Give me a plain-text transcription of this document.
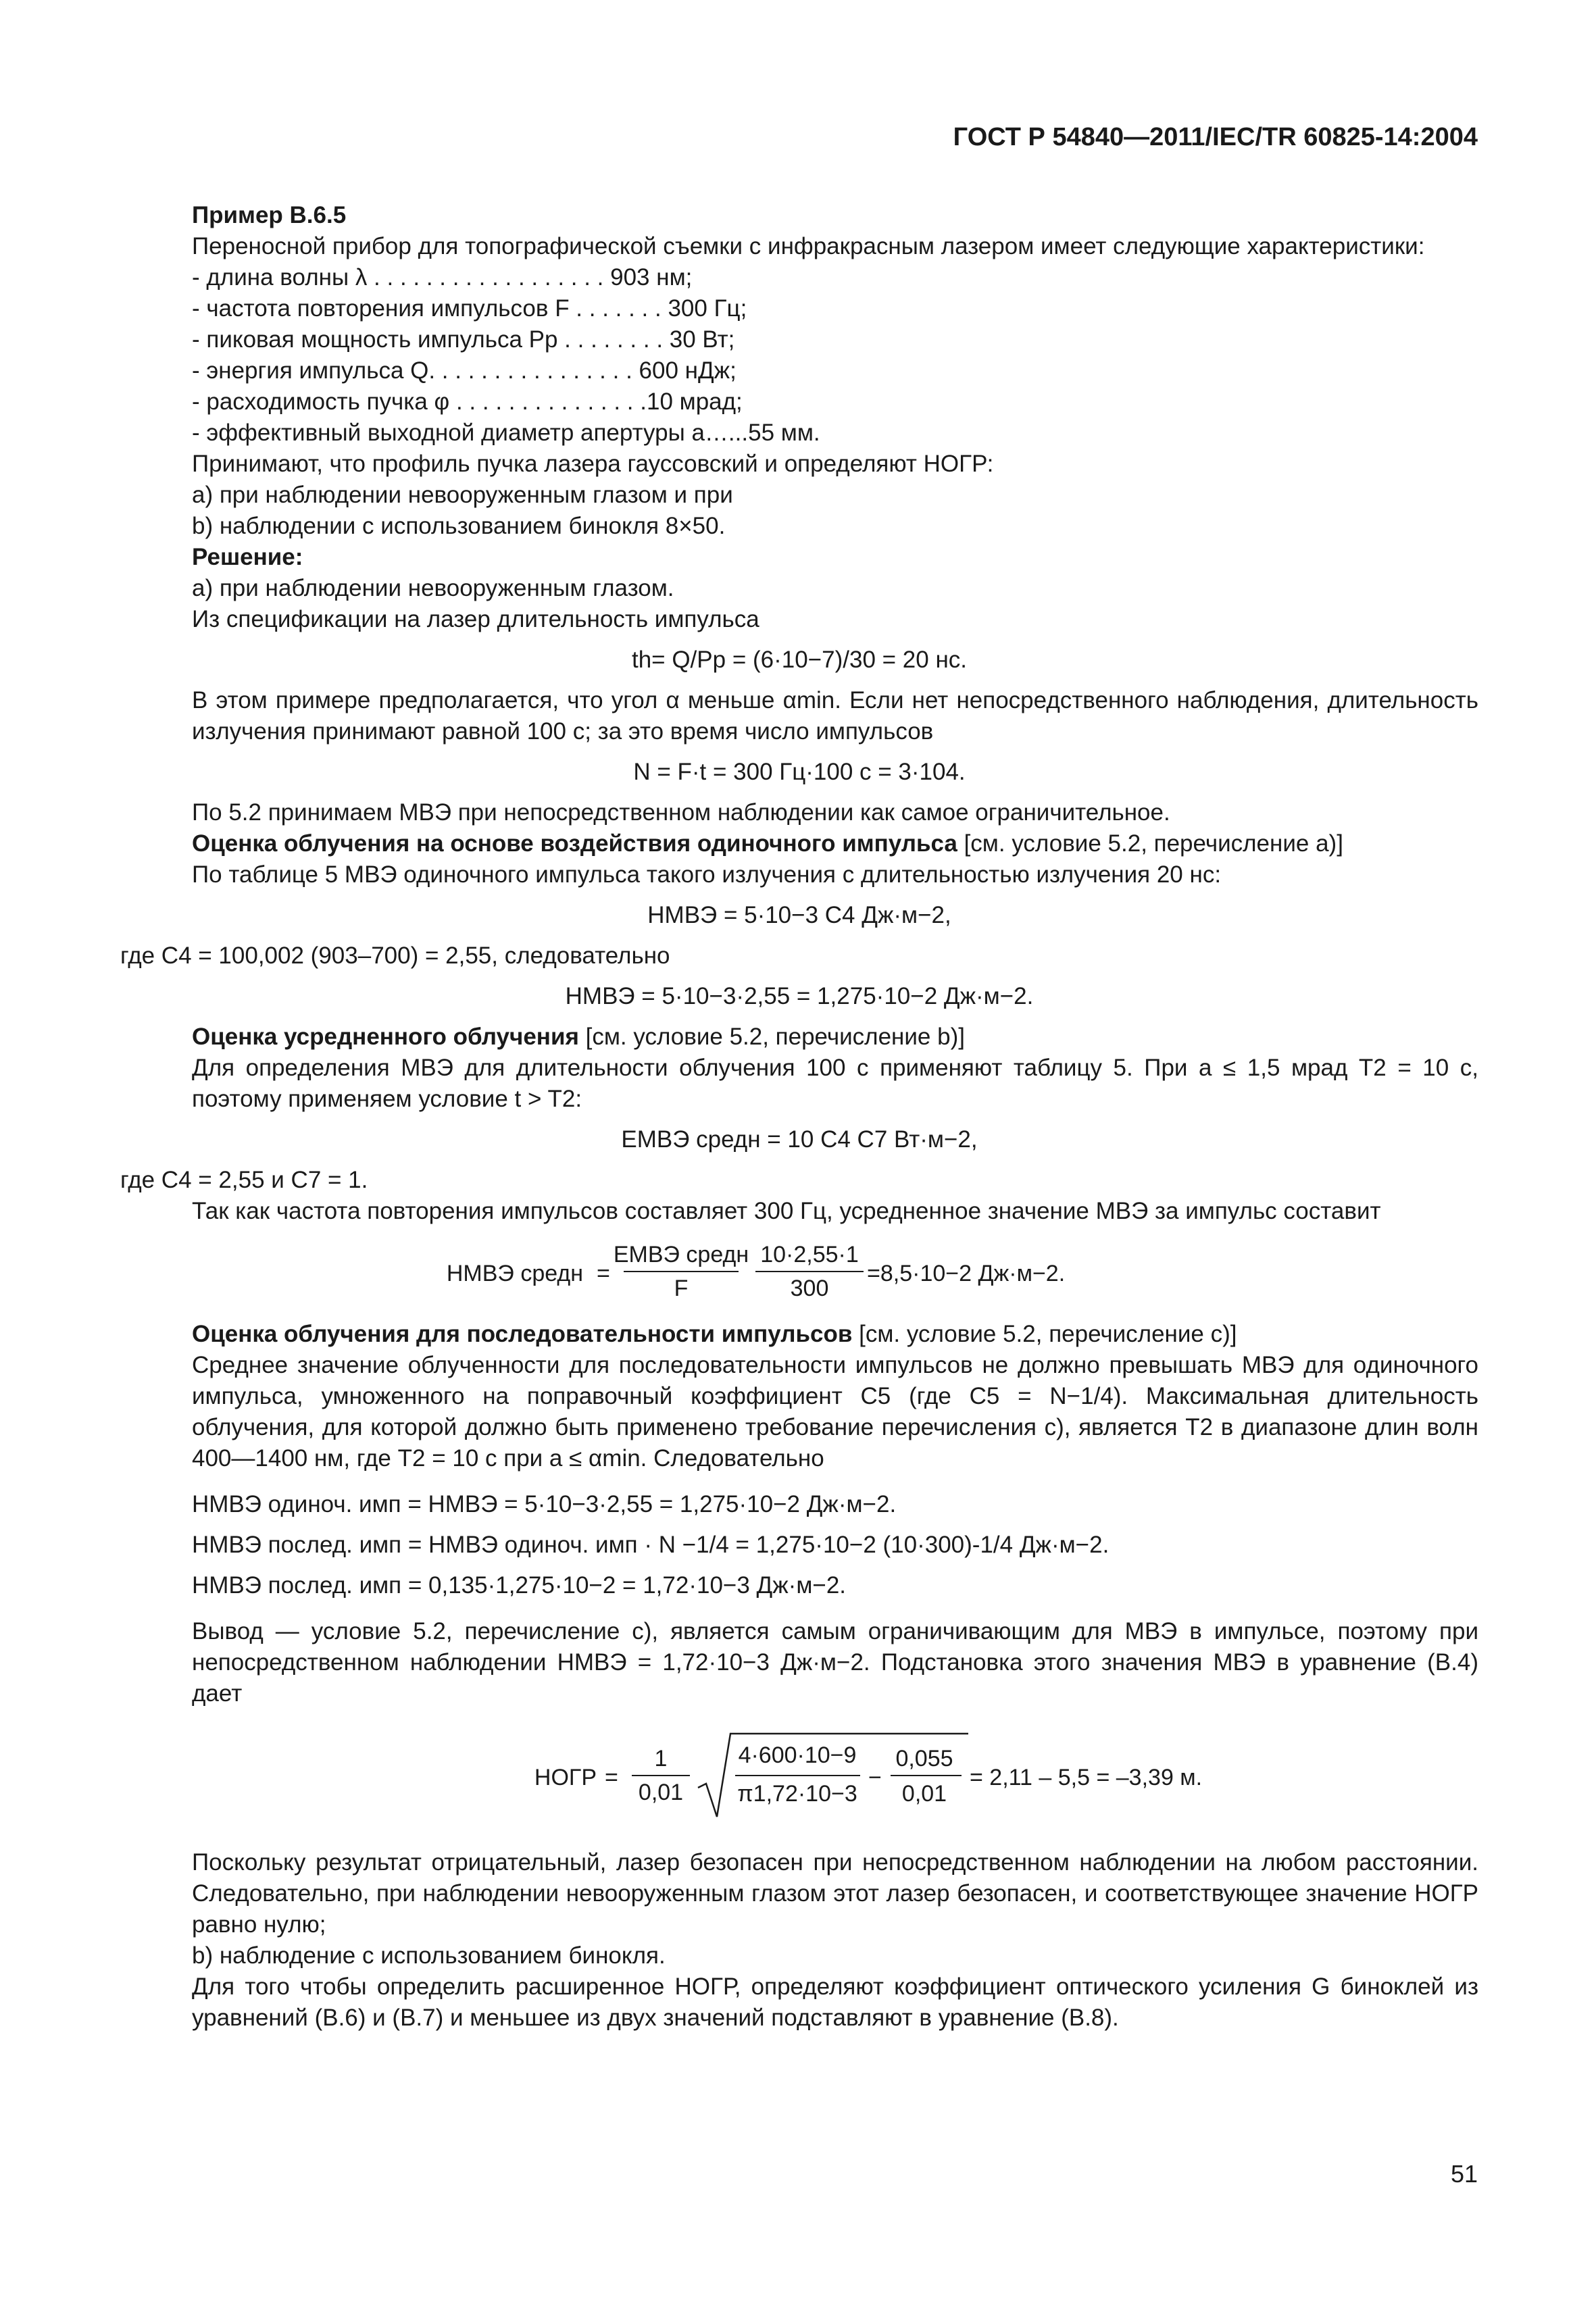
ГОСТ Р 54840—2011/IEC/TR 60825-14:2004

Пример В.6.5

Переносной прибор для топографической съемки с инфракрасным лазером имеет следующие характеристики:

- длина волны λ . . . . . . . . . . . . . . . . . . 903 нм;
- частота повторения импульсов F . . . . . . . 300 Гц;
- пиковая мощность импульса Pp . . . . . . . . 30 Вт;
- энергия импульса Q. . . . . . . . . . . . . . . . 600 нДж;
- расходимость пучка φ . . . . . . . . . . . . . . .10 мрад;
- эффективный выходной диаметр апертуры a…...55 мм.

Принимают, что профиль пучка лазера гауссовский и определяют НОГР:

a) при наблюдении невооруженным глазом и при

b) наблюдении с использованием бинокля 8×50.

Решение:

а) при наблюдении невооруженным глазом.

Из спецификации на лазер длительность импульса

th= Q/Pp = (6·10−7)/30 = 20 нс.

В этом примере предполагается, что угол α меньше αmin. Если нет непосредственного наблюдения, длительность излучения принимают равной 100 с; за это время число импульсов

N = F·t = 300 Гц·100 с = 3·104.

По 5.2 принимаем МВЭ при непосредственном наблюдении как самое ограничительное.

Оценка облучения на основе воздействия одиночного импульса [см. условие 5.2, перечисление а)]

По таблице 5 МВЭ одиночного импульса такого излучения с длительностью излучения 20 нс:

HМВЭ = 5·10−3 C4 Дж·м−2,

где C4 = 100,002 (903–700) = 2,55, следовательно

HМВЭ = 5·10−3·2,55 = 1,275·10−2 Дж·м−2.

Оценка усредненного облучения [см. условие 5.2, перечисление b)]

Для определения МВЭ для длительности облучения 100 с применяют таблицу 5. При a ≤ 1,5 мрад T2 = 10 с, поэтому применяем условие t > T2:

EМВЭ средн = 10 C4 C7 Вт·м−2,

где C4 = 2,55 и C7 = 1.

Так как частота повторения импульсов составляет 300 Гц, усредненное значение МВЭ за импульс составит

HМВЭ средн =
EМВЭ средн
F
10·2,55·1
300
=8,5·10−2 Дж·м−2.

Оценка облучения для последовательности импульсов [см. условие 5.2, перечисление с)]

Среднее значение облученности для последовательности импульсов не должно превышать МВЭ для одиночного импульса, умноженного на поправочный коэффициент C5 (где C5 = N−1/4). Максимальная длительность облучения, для которой должно быть применено требование перечисления с), является T2 в диапазоне длин волн 400—1400 нм, где T2 = 10 с при a ≤ αmin. Следовательно

HМВЭ одиноч. имп = HМВЭ = 5·10−3·2,55 = 1,275·10−2 Дж·м−2.

HМВЭ послед. имп = HМВЭ одиноч. имп · N −1/4 = 1,275·10−2 (10·300)-1/4 Дж·м−2.

HМВЭ послед. имп = 0,135·1,275·10−2 = 1,72·10−3 Дж·м−2.

Вывод — условие 5.2, перечисление с), является самым ограничивающим для МВЭ в импульсе, поэтому при непосредственном наблюдении HМВЭ = 1,72·10−3 Дж·м−2. Подстановка этого значения МВЭ в уравнение (В.4) дает

НОГР =
1
0,01
4·600·10−9
π1,72·10−3
−
0,055
0,01
= 2,11 – 5,5 = –3,39 м.

Поскольку результат отрицательный, лазер безопасен при непосредственном наблюдении на любом расстоянии. Следовательно, при наблюдении невооруженным глазом этот лазер безопасен, и соответствующее значение НОГР равно нулю;

b) наблюдение с использованием бинокля.

Для того чтобы определить расширенное НОГР, определяют коэффициент оптического усиления G биноклей из уравнений (В.6) и (В.7) и меньшее из двух значений подставляют в уравнение (В.8).

51
